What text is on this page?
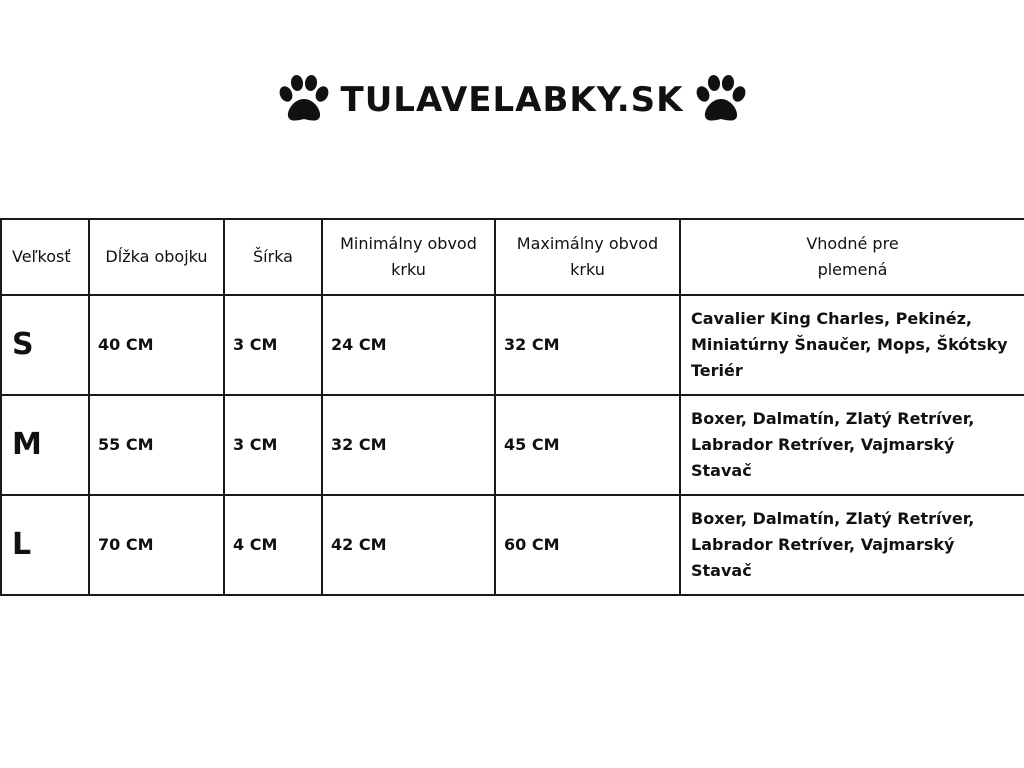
TULAVELABKY.SK
Veľkosť	Dĺžka obojku	Šírka	Minimálny obvod krku	Maximálny obvod krku	Vhodné pre plemená
S	40 CM	3 CM	24 CM	32 CM	Cavalier King Charles, Pekinéz, Miniatúrny Šnaučer, Mops, Škótsky Teriér
M	55 CM	3 CM	32 CM	45 CM	Boxer, Dalmatín, Zlatý Retríver, Labrador Retríver, Vajmarský Stavač
L	70 CM	4 CM	42 CM	60 CM	Boxer, Dalmatín, Zlatý Retríver, Labrador Retríver, Vajmarský Stavač
